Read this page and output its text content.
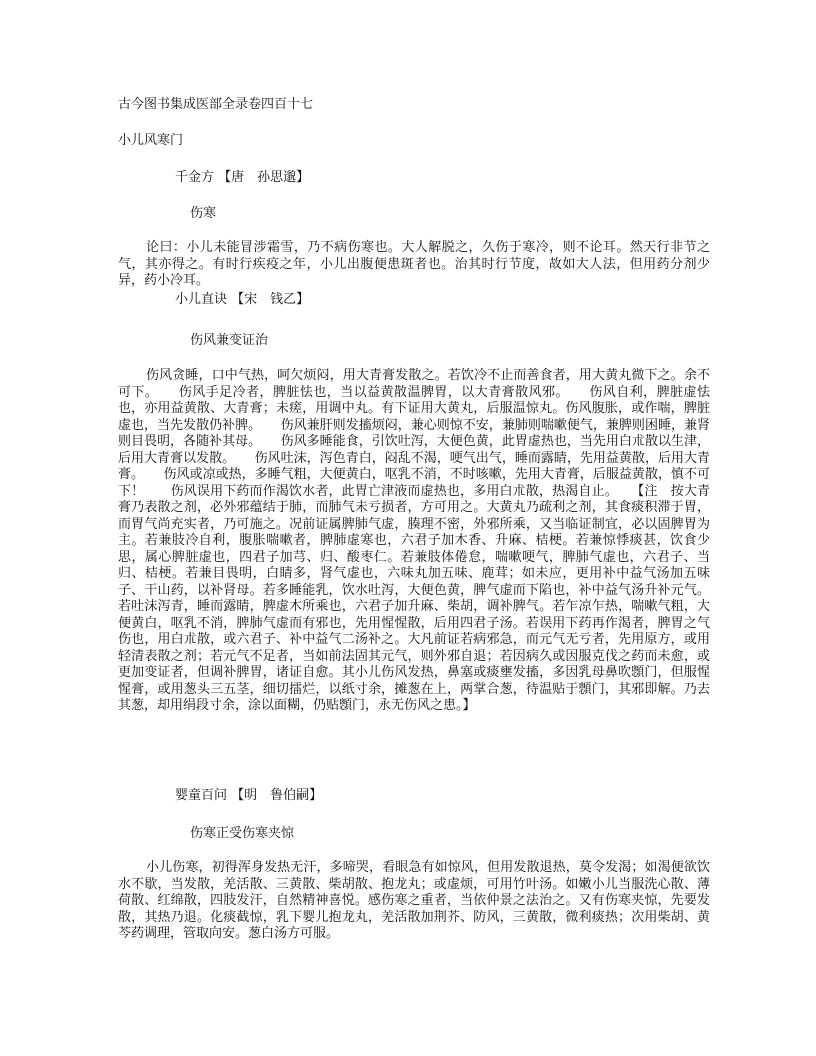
古今图书集成医部全录卷四百十七

小儿风寒门

千金方 【唐　孙思邈】

伤寒

论曰：小儿未能冒涉霜雪，乃不病伤寒也。大人解脱之，久伤于寒冷，则不论耳。然天行非节之气，其亦得之。有时行疾疫之年，小儿出腹便患斑者也。治其时行节度，故如大人法，但用药分剂少异，药小冷耳。

小儿直诀 【宋　钱乙】

伤风兼变证治

伤风贪睡，口中气热，呵欠烦闷，用大青膏发散之。若饮冷不止而善食者，用大黄丸微下之。余不可下。　　伤风手足冷者，脾脏怯也，当以益黄散温脾胃，以大青膏散风邪。　　伤风自利，脾脏虚怯也，亦用益黄散、大青膏；未瘥，用调中丸。有下证用大黄丸，后服温惊丸。伤风腹胀，或作喘，脾脏虚也，当先发散仍补脾。　　伤风兼肝则发搐烦闷，兼心则惊不安，兼肺则喘嗽便气，兼脾则困睡，兼肾则目畏明，各随补其母。　　伤风多睡能食，引饮吐泻，大便色黄，此胃虚热也，当先用白朮散以生津，后用大青膏以发散。　　伤风吐沫，泻色青白，闷乱不渴，哽气出气，睡而露睛，先用益黄散，后用大青膏。　　伤风或凉或热，多睡气粗，大便黄白，呕乳不消，不时咳嗽，先用大青膏，后服益黄散，慎不可下！　　伤风误用下药而作渴饮水者，此胃亡津液而虚热也，多用白朮散，热渴自止。　　【注　按大青膏乃表散之剂，必外邪蕴结于肺，而肺气未亏损者，方可用之。大黄丸乃疏利之剂，其食痰积滞于胃，而胃气尚充实者，乃可施之。况前证属脾肺气虚，腠理不密，外邪所乘，又当临证制宜，必以固脾胃为主。若兼肢冷自利，腹胀喘嗽者，脾肺虚寒也，六君子加木香、升麻、桔梗。若兼惊悸痰甚，饮食少思，属心脾脏虚也，四君子加芎、归、酸枣仁。若兼肢体倦怠，喘嗽哽气，脾肺气虚也，六君子、当归、桔梗。若兼目畏明，白睛多，肾气虚也，六味丸加五味、鹿茸；如未应，更用补中益气汤加五味子、干山药，以补肾母。若多睡能乳，饮水吐泻，大便色黄，脾气虚而下陷也，补中益气汤升补元气。若吐沫泻青，睡而露睛，脾虚木所乘也，六君子加升麻、柴胡，调补脾气。若乍凉乍热，喘嗽气粗，大便黄白，呕乳不消，脾肺气虚而有邪也，先用惺惺散，后用四君子汤。若误用下药再作渴者，脾胃之气伤也，用白朮散，或六君子、补中益气二汤补之。大凡前证若病邪急，而元气无亏者，先用原方，或用轻清表散之剂；若元气不足者，当如前法固其元气，则外邪自退；若因病久或因服克伐之药而未愈，或更加变证者，但调补脾胃，诸证自愈。其小儿伤风发热，鼻塞或痰壅发搐，多因乳母鼻吹顖门，但服惺惺膏，或用葱头三五茎，细切擂烂，以纸寸余，摊葱在上，两掌合葱，待温贴于顖门，其邪即解。乃去其葱，却用绢段寸余，涂以面糊，仍贴顖门，永无伤风之患。】

婴童百问 【明　鲁伯嗣】

伤寒正受伤寒夹惊

小儿伤寒，初得浑身发热无汗，多啼哭，看眼急有如惊风，但用发散退热，莫令发渴；如渴便欲饮水不歇，当发散，羌活散、三黄散、柴胡散、抱龙丸；或虚烦，可用竹叶汤。如嫩小儿当服洗心散、薄荷散、红绵散，四肢发汗，自然精神喜悦。感伤寒之重者，当依仲景之法治之。又有伤寒夹惊，先要发散，其热乃退。化痰截惊，乳下婴儿抱龙丸，羌活散加荆芥、防风，三黄散，微利痰热；次用柴胡、黄芩药调理，管取向安。葱白汤方可服。
